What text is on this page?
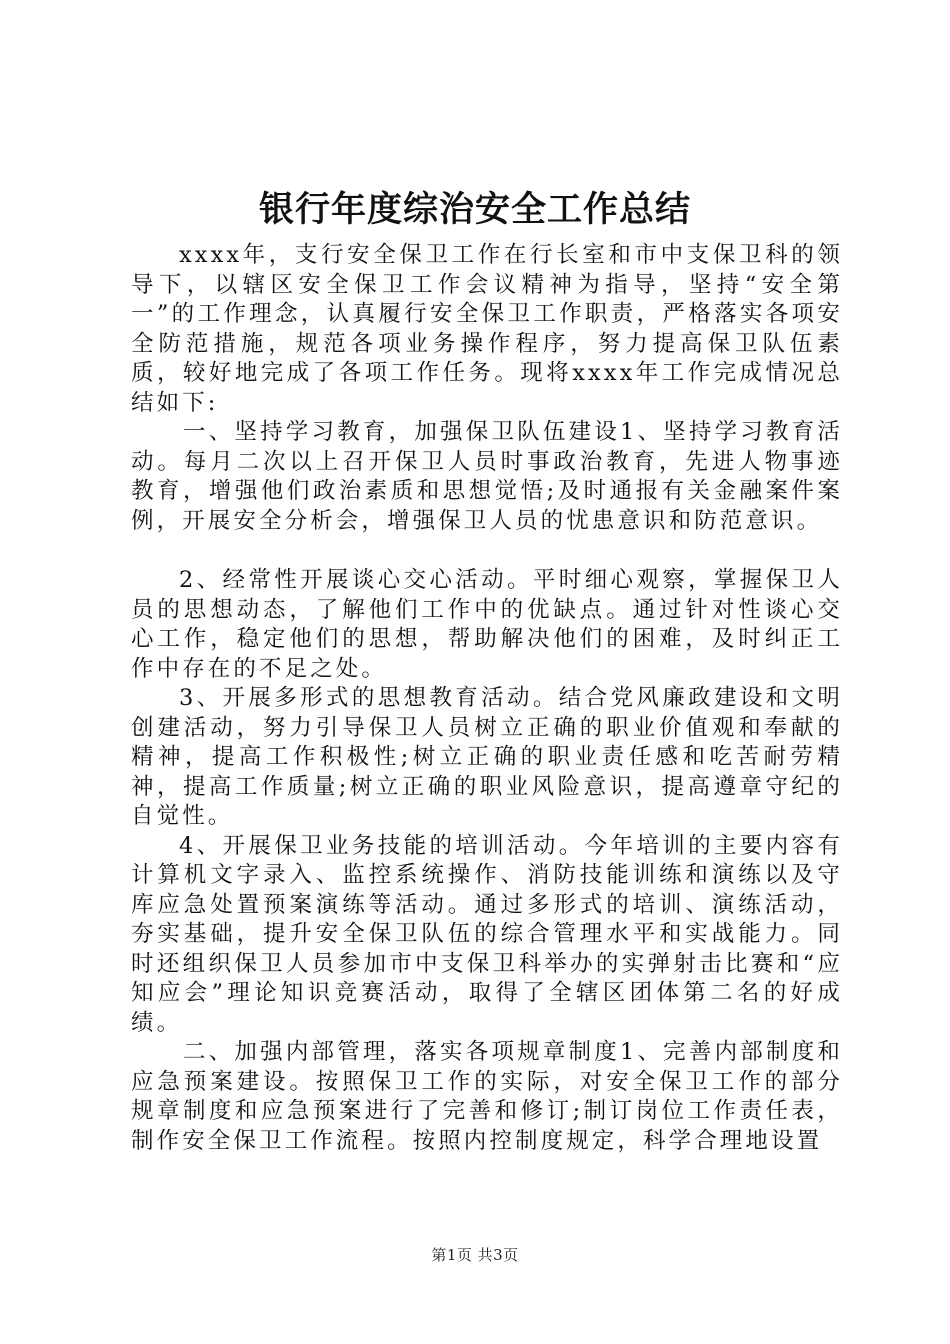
银行年度综治安全工作总结

xxxx年，支行安全保卫工作在行长室和市中支保卫科的领导下，以辖区安全保卫工作会议精神为指导，坚持“安全第一”的工作理念，认真履行安全保卫工作职责，严格落实各项安全防范措施，规范各项业务操作程序，努力提高保卫队伍素质，较好地完成了各项工作任务。现将xxxx年工作完成情况总结如下:

一、坚持学习教育，加强保卫队伍建设1、坚持学习教育活动。每月二次以上召开保卫人员时事政治教育，先进人物事迹教育，增强他们政治素质和思想觉悟;及时通报有关金融案件案例，开展安全分析会，增强保卫人员的忧患意识和防范意识。

2、经常性开展谈心交心活动。平时细心观察，掌握保卫人员的思想动态，了解他们工作中的优缺点。通过针对性谈心交心工作，稳定他们的思想，帮助解决他们的困难，及时纠正工作中存在的不足之处。

3、开展多形式的思想教育活动。结合党风廉政建设和文明创建活动，努力引导保卫人员树立正确的职业价值观和奉献的精神，提高工作积极性;树立正确的职业责任感和吃苦耐劳精神，提高工作质量;树立正确的职业风险意识，提高遵章守纪的自觉性。

4、开展保卫业务技能的培训活动。今年培训的主要内容有计算机文字录入、监控系统操作、消防技能训练和演练以及守库应急处置预案演练等活动。通过多形式的培训、演练活动，夯实基础，提升安全保卫队伍的综合管理水平和实战能力。同时还组织保卫人员参加市中支保卫科举办的实弹射击比赛和“应知应会”理论知识竞赛活动，取得了全辖区团体第二名的好成绩。

二、加强内部管理，落实各项规章制度1、完善内部制度和应急预案建设。按照保卫工作的实际，对安全保卫工作的部分规章制度和应急预案进行了完善和修订;制订岗位工作责任表，制作安全保卫工作流程。按照内控制度规定，科学合理地设置

第1页 共3页
